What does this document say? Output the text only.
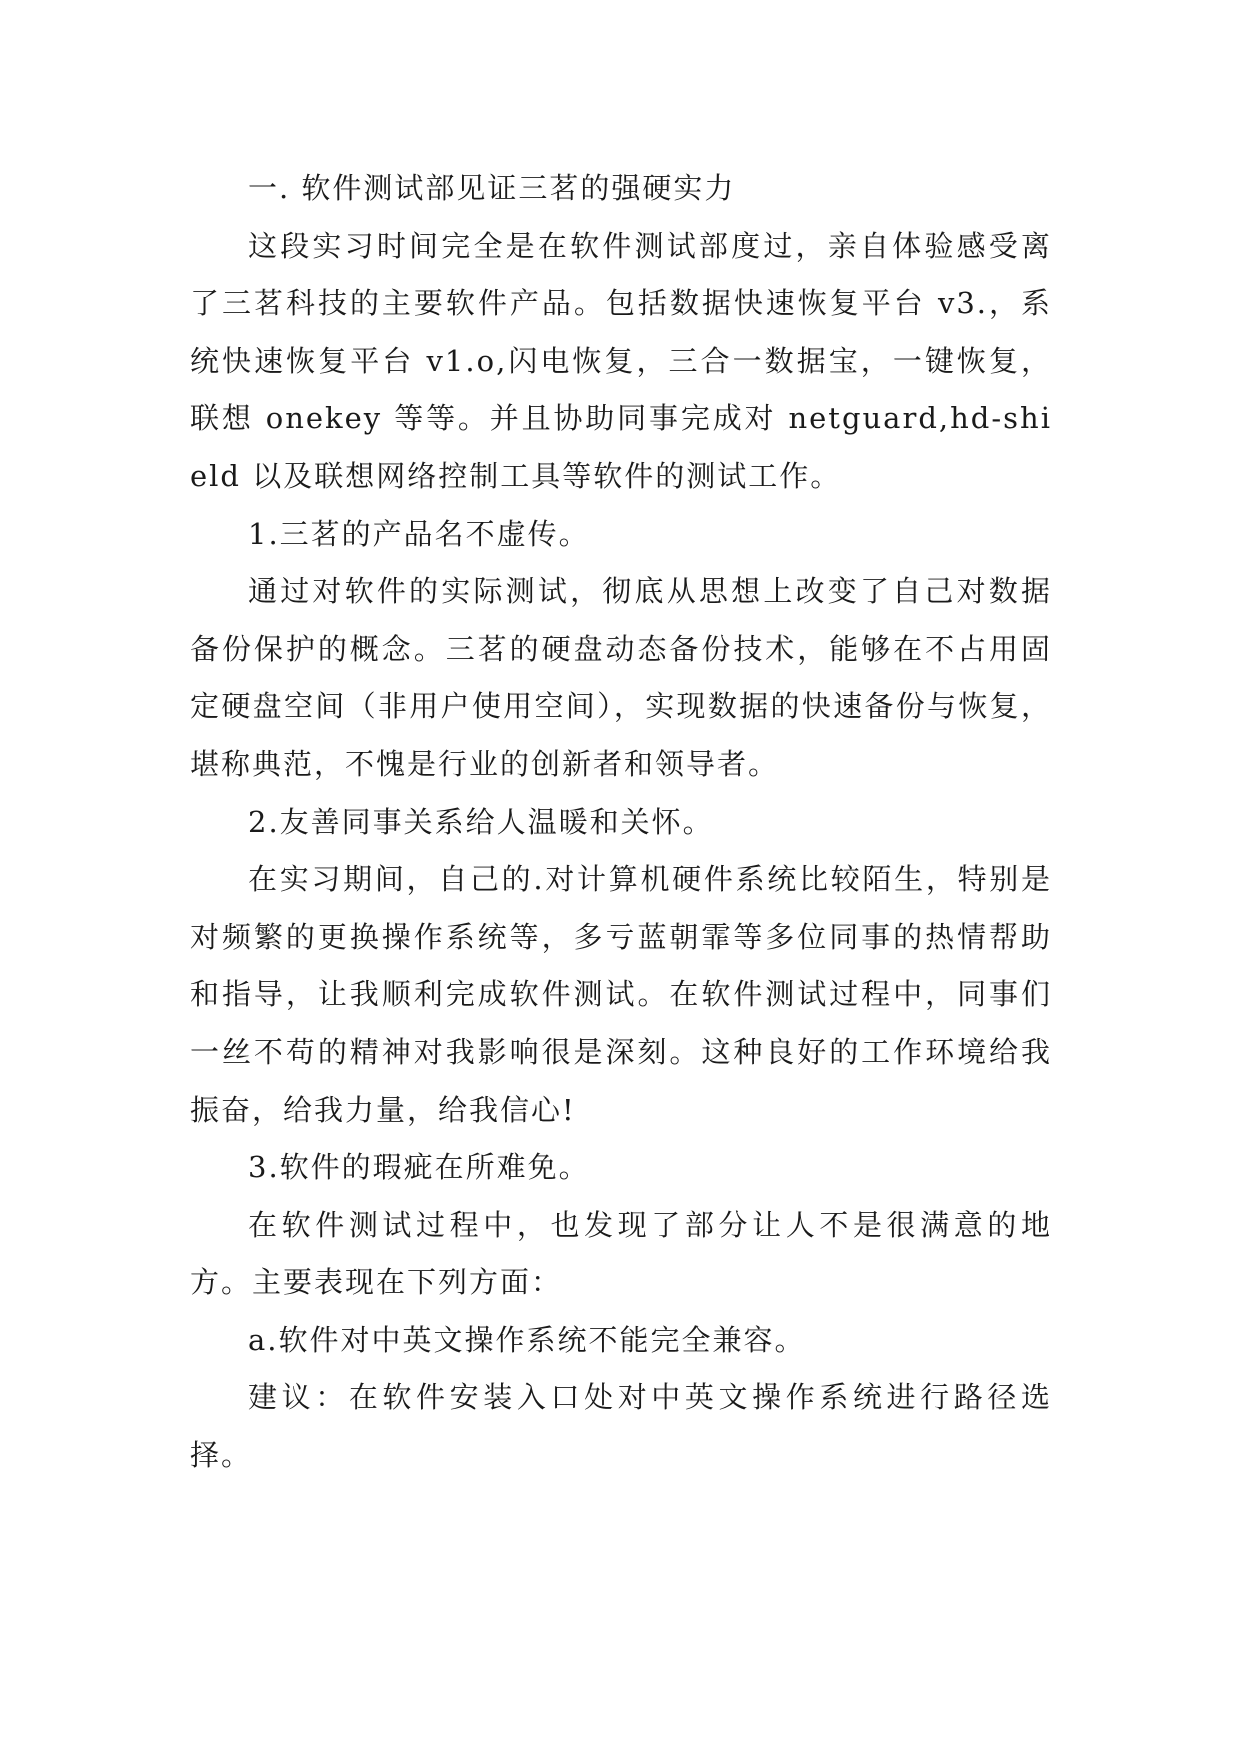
一. 软件测试部见证三茗的强硬实力

这段实习时间完全是在软件测试部度过，亲自体验感受离了三茗科技的主要软件产品。包括数据快速恢复平台 v3.，系统快速恢复平台 v1.o,闪电恢复，三合一数据宝，一键恢复，联想 onekey 等等。并且协助同事完成对 netguard,hd-shield 以及联想网络控制工具等软件的测试工作。

1.三茗的产品名不虚传。

通过对软件的实际测试，彻底从思想上改变了自己对数据备份保护的概念。三茗的硬盘动态备份技术，能够在不占用固定硬盘空间（非用户使用空间），实现数据的快速备份与恢复，堪称典范，不愧是行业的创新者和领导者。

2.友善同事关系给人温暖和关怀。

在实习期间，自己的.对计算机硬件系统比较陌生，特别是对频繁的更换操作系统等，多亏蓝朝霏等多位同事的热情帮助和指导，让我顺利完成软件测试。在软件测试过程中，同事们一丝不苟的精神对我影响很是深刻。这种良好的工作环境给我振奋，给我力量，给我信心!

3.软件的瑕疵在所难免。

在软件测试过程中，也发现了部分让人不是很满意的地方。主要表现在下列方面：

a.软件对中英文操作系统不能完全兼容。

建议：在软件安装入口处对中英文操作系统进行路径选择。
